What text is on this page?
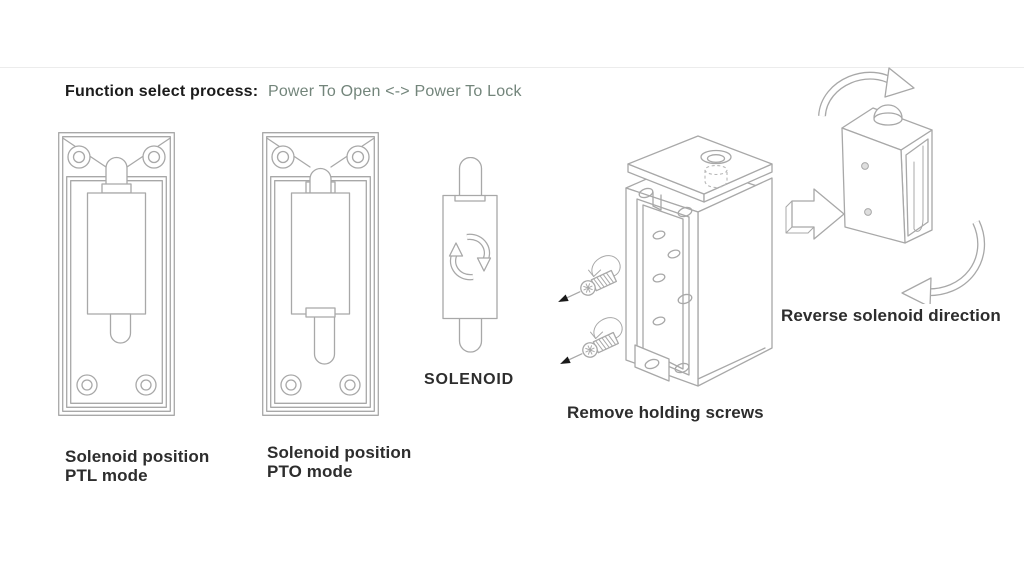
Function select process: Power To Open <-> Power To Lock
SOLENOID
Remove holding screws
Reverse solenoid direction
Solenoid position
PTL mode
Solenoid position
PTO mode
